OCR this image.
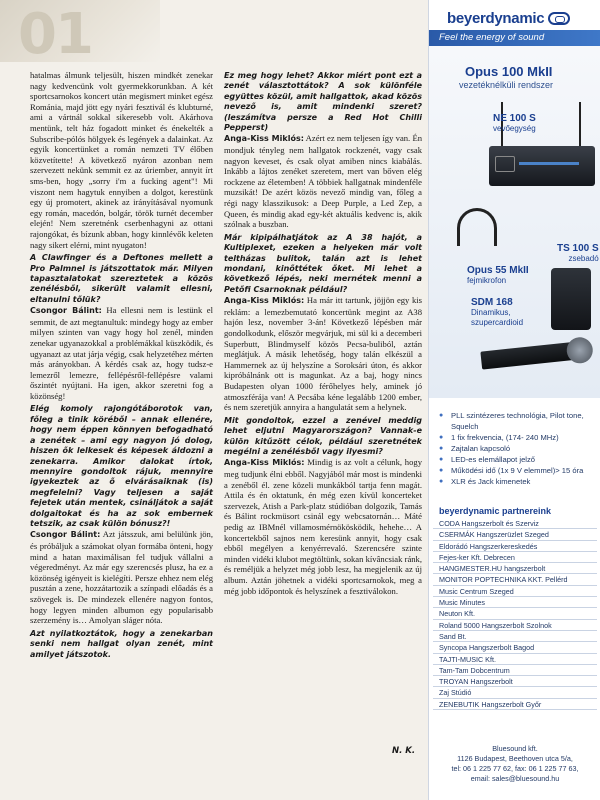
01

hatalmas álmunk teljesült, hiszen mindkét zenekar nagy kedvencünk volt gyermekkorunkban. A két sportcsarnokos koncert után megismert minket egész Románia, majd jött egy nyári fesztivál és klubturné, ami a vártnál sokkal sikeresebb volt. Akárhova mentünk, telt ház fogadott minket és énekelték a Subscribe-pólós hölgyek és legények a dalainkat. Az egyik koncertünket a román nemzeti TV élőben közvetítette! A következő nyáron azonban nem szervezett nekünk semmit ez az úriember, annyit írt sms-ben, hogy „sorry i'm a fucking agent"! Mi viszont nem hagytuk ennyiben a dolgot, kerestünk egy új promotert, akinek az irányításával nyomunk egy román, macedón, bolgár, török turnét december elején! Nem szeretnénk cserbenhagyni az ottani rajongókat, és bízunk abban, hogy kinnlévők keleten nagy sikert elérni, mint nyugaton!

A Clawfinger és a Deftones mellett a Pro Palmnel is játszottatok már. Milyen tapasztalatokat szereztetek a közös zenélésből, sikerült valamit ellesni, eltanulni tőlük?

Csongor Bálint: Ha ellesni nem is lestünk el semmit, de azt megtanultuk: mindegy hogy az ember milyen szinten van vagy hogy hol zenél, minden zenekar ugyanazokkal a problémákkal küszködik, és ugyanazt az utat járja végig, csak helyzetéhez mérten más arányokban. A kérdés csak az, hogy tudsz-e lemezről lemezre, fellépésről-fellépésre valami őszintét nyújtani. Ha igen, akkor szeretni fog a közönség!

Elég komoly rajongótáborotok van, főleg a tinik köréből – annak ellenére, hogy nem éppen könnyen befogadható a zenétek – ami egy nagyon jó dolog, hiszen ők lelkesek és képesek áldozni a zenekarra. Amikor dalokat írtok, mennyire gondoltok rájuk, mennyire igyekeztek az ő elvárásaiknak (is) megfelelni? Vagy teljesen a saját fejetek után mentek, csináljátok a saját dolgaitokat és ha az sok embernek tetszik, az csak külön bónusz?!

Csongor Bálint: Azt játsszuk, ami belülünk jön, és próbáljuk a számokat olyan formába önteni, hogy mind a hatan maximálisan fel tudjuk vállalni a végeredményt. Az már egy szerencsés plusz, ha ez a közönség igényeit is kielégíti. Persze ehhez nem elég pusztán a zene, hozzátartozik a színpadi előadás és a szövegek is. De mindezek ellenére nagyon fontos, hogy legyen minden albumon egy popularisabb szerzemény is… Amolyan sláger nóta.

Azt nyilatkoztátok, hogy a zenekarban senki nem hallgat olyan zenét, mint amilyet játszotok.

Ez meg hogy lehet? Akkor miért pont ezt a zenét választottátok? A sok különféle együttes közül, amit hallgattok, akad közös nevező is, amit mindenki szeret? (leszámítva persze a Red Hot Chilli Pepperst)

Anga-Kiss Miklós: Azért ez nem teljesen így van. Én mondjuk tényleg nem hallgatok rockzenét, vagy csak nagyon keveset, és csak olyat amiben nincs kiabálás. Inkább a lájtos zenéket szeretem, mert van bőven elég rockzene az életemben! A többiek hallgatnak mindenféle muzsikát! De azért közös nevező mindig van, főleg a régi nagy klasszikusok: a Deep Purple, a Led Zep, a Queen, és mindig akad egy-két aktuális kedvenc is, akik szólnak a buszban.

Már kipipálhatjátok az A 38 hajót, a Kultiplexet, ezeken a helyeken már volt teltházas bulitok, talán azt is lehet mondani, kinőttétek őket. Mi lehet a következő lépés, neki mernétek menni a Petőfi Csarnoknak például?

Anga-Kiss Miklós: Ha már itt tartunk, jöjjön egy kis reklám: a lemezbemutató koncertünk megint az A38 hajón lesz, november 3-án! Következő lépésben már gondolkodunk, először megvárjuk, mi sül ki a decemberi Superbutt, Blindmyself közös Pecsa-buliból, aztán meglátjuk. A másik lehetőség, hogy talán elkészül a Hammernek az új helyszíne a Soroksári úton, és akkor kipróbálnánk ott is magunkat. Az a baj, hogy nincs Budapesten olyan 1000 férőhelyes hely, aminek jó atmoszférája van! A Pecsába kéne legalább 1200 ember, és nem szeretjük annyira a hangulatát sem a helynek.

Mit gondoltok, ezzel a zenével meddig lehet eljutni Magyarországon? Vannak-e külön kitűzött célok, például szeretnétek megélni a zenélésből vagy ilyesmi?

Anga-Kiss Miklós: Mindig is az volt a célunk, hogy meg tudjunk élni ebből. Nagyjából már most is mindenki a zenéből él. zene közeli munkákból tartja fenn magát. Attila és én oktatunk, én még ezen kívül koncerteket szervezek, Atish a Park-platz stúdióban dolgozik, Tamás és Bálint rockmüsort csinál egy webcsatornán… Máté pedig az IBMnél villamosmérnökösködik, hehehe… A koncertekből sajnos nem keresünk annyit, hogy csak ebből megélyen a kenyérrevaló. Szerencsére szinte minden vidéki klubot megtöltünk, sokan kívâncsiak ránk, és reméljük a helyzet még jobb lesz, ha megjelenik az új album. Aztán jöhetnek a vidéki sportcsarnokok, meg a még jobb időpontok és helyszínek a fesztiválokon.

N. K.
beyerdynamic
Feel the energy of sound
Opus 100 MkII
vezetéknélküli rendszer
NE 100 S
vevőegység
TS 100 S
zsebadó
Opus 55 MkII
fejmikrofon
SDM 168
Dinamikus,
szupercardioid
● PLL szintézeres technológia, Pilot tone, Squelch
● 1 fix frekvencia, (174- 240 MHz)
● Zajtalan kapcsoló
● LED-es elemállapot jelző
● Működési idő (1x 9 V elemmel)> 15 óra
● XLR és Jack kimenetek
beyerdynamic partnereink
CODA Hangszerbolt és Szerviz
CSERMÁK Hangszerüzlet Szeged
Eldorádó Hangszerkereskedés
Fejes-ker Kft. Debrecen
HANGMESTER.HU hangszerbolt
MONITOR POPTECHNIKA KKT. Pellérd
Music Centrum Szeged
Music Minutes
Neuton Kft.
Roland 5000 Hangszerbolt Szolnok
Sand Bt.
Syncopa Hangszerbolt Bagod
TAJTI-MUSIC Kft.
Tam-Tam Dobcentrum
TROYAN Hangszerbolt
Zaj Stúdió
ZENEBUTIK Hangszerbolt Győr
Bluesound kft.
1126 Budapest, Beethoven utca 5/a,
tel: 06 1 225 77 62, fax: 06 1 225 77 63,
email: sales@bluesound.hu
